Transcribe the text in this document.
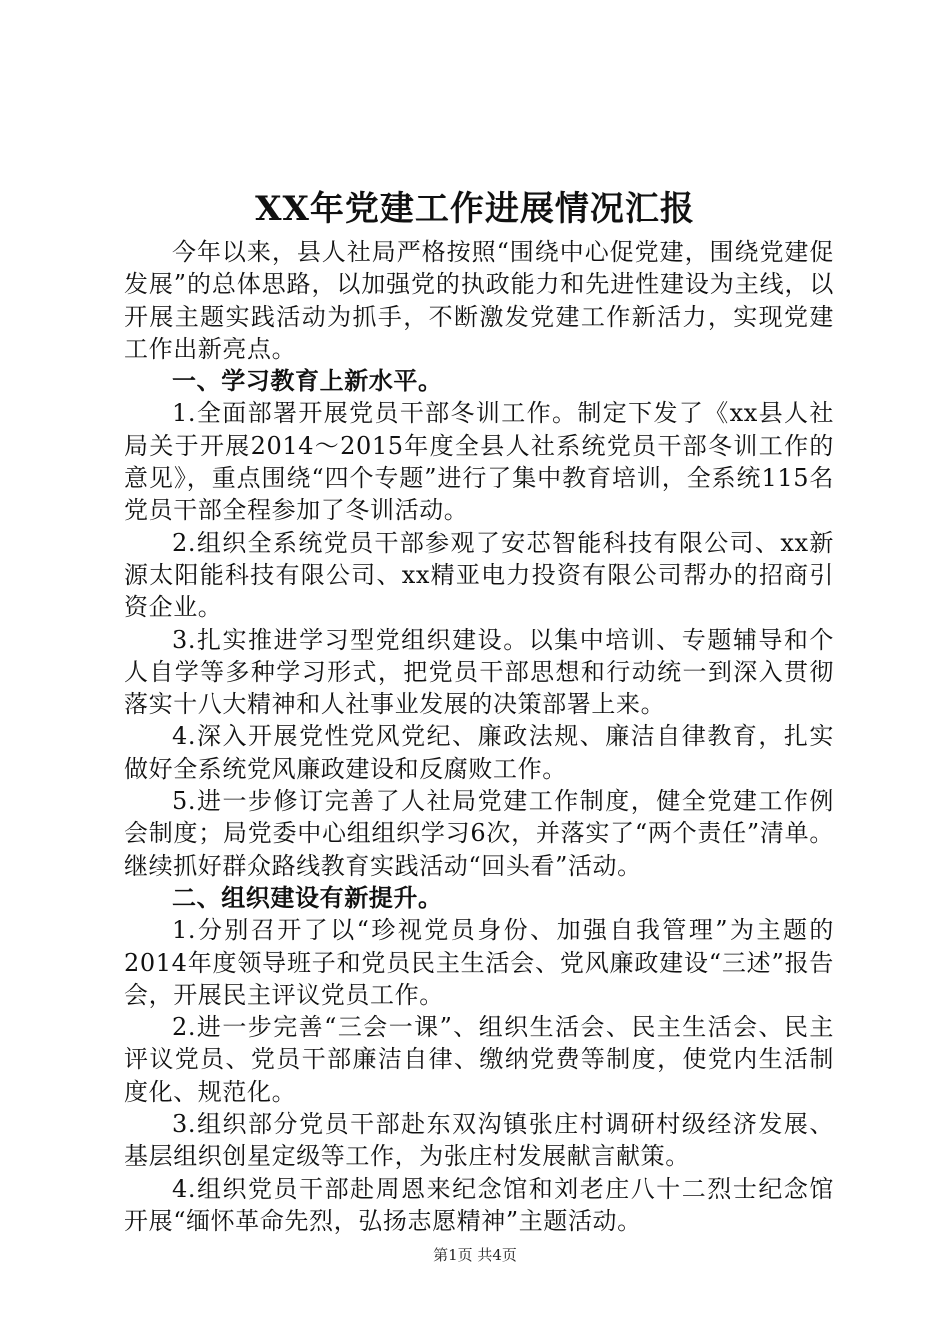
XX年党建工作进展情况汇报

今年以来，县人社局严格按照“围绕中心促党建，围绕党建促发展”的总体思路，以加强党的执政能力和先进性建设为主线，以开展主题实践活动为抓手，不断激发党建工作新活力，实现党建工作出新亮点。

一、学习教育上新水平。

1.全面部署开展党员干部冬训工作。制定下发了《xx县人社局关于开展2014～2015年度全县人社系统党员干部冬训工作的意见》，重点围绕“四个专题”进行了集中教育培训，全系统115名党员干部全程参加了冬训活动。

2.组织全系统党员干部参观了安芯智能科技有限公司、xx新源太阳能科技有限公司、xx精亚电力投资有限公司帮办的招商引资企业。

3.扎实推进学习型党组织建设。以集中培训、专题辅导和个人自学等多种学习形式，把党员干部思想和行动统一到深入贯彻落实十八大精神和人社事业发展的决策部署上来。

4.深入开展党性党风党纪、廉政法规、廉洁自律教育，扎实做好全系统党风廉政建设和反腐败工作。

5.进一步修订完善了人社局党建工作制度，健全党建工作例会制度；局党委中心组组织学习6次，并落实了“两个责任”清单。继续抓好群众路线教育实践活动“回头看”活动。

二、组织建设有新提升。

1.分别召开了以“珍视党员身份、加强自我管理”为主题的2014年度领导班子和党员民主生活会、党风廉政建设“三述”报告会，开展民主评议党员工作。

2.进一步完善“三会一课”、组织生活会、民主生活会、民主评议党员、党员干部廉洁自律、缴纳党费等制度，使党内生活制度化、规范化。

3.组织部分党员干部赴东双沟镇张庄村调研村级经济发展、基层组织创星定级等工作，为张庄村发展献言献策。

4.组织党员干部赴周恩来纪念馆和刘老庄八十二烈士纪念馆开展“缅怀革命先烈，弘扬志愿精神”主题活动。

第1页 共4页
